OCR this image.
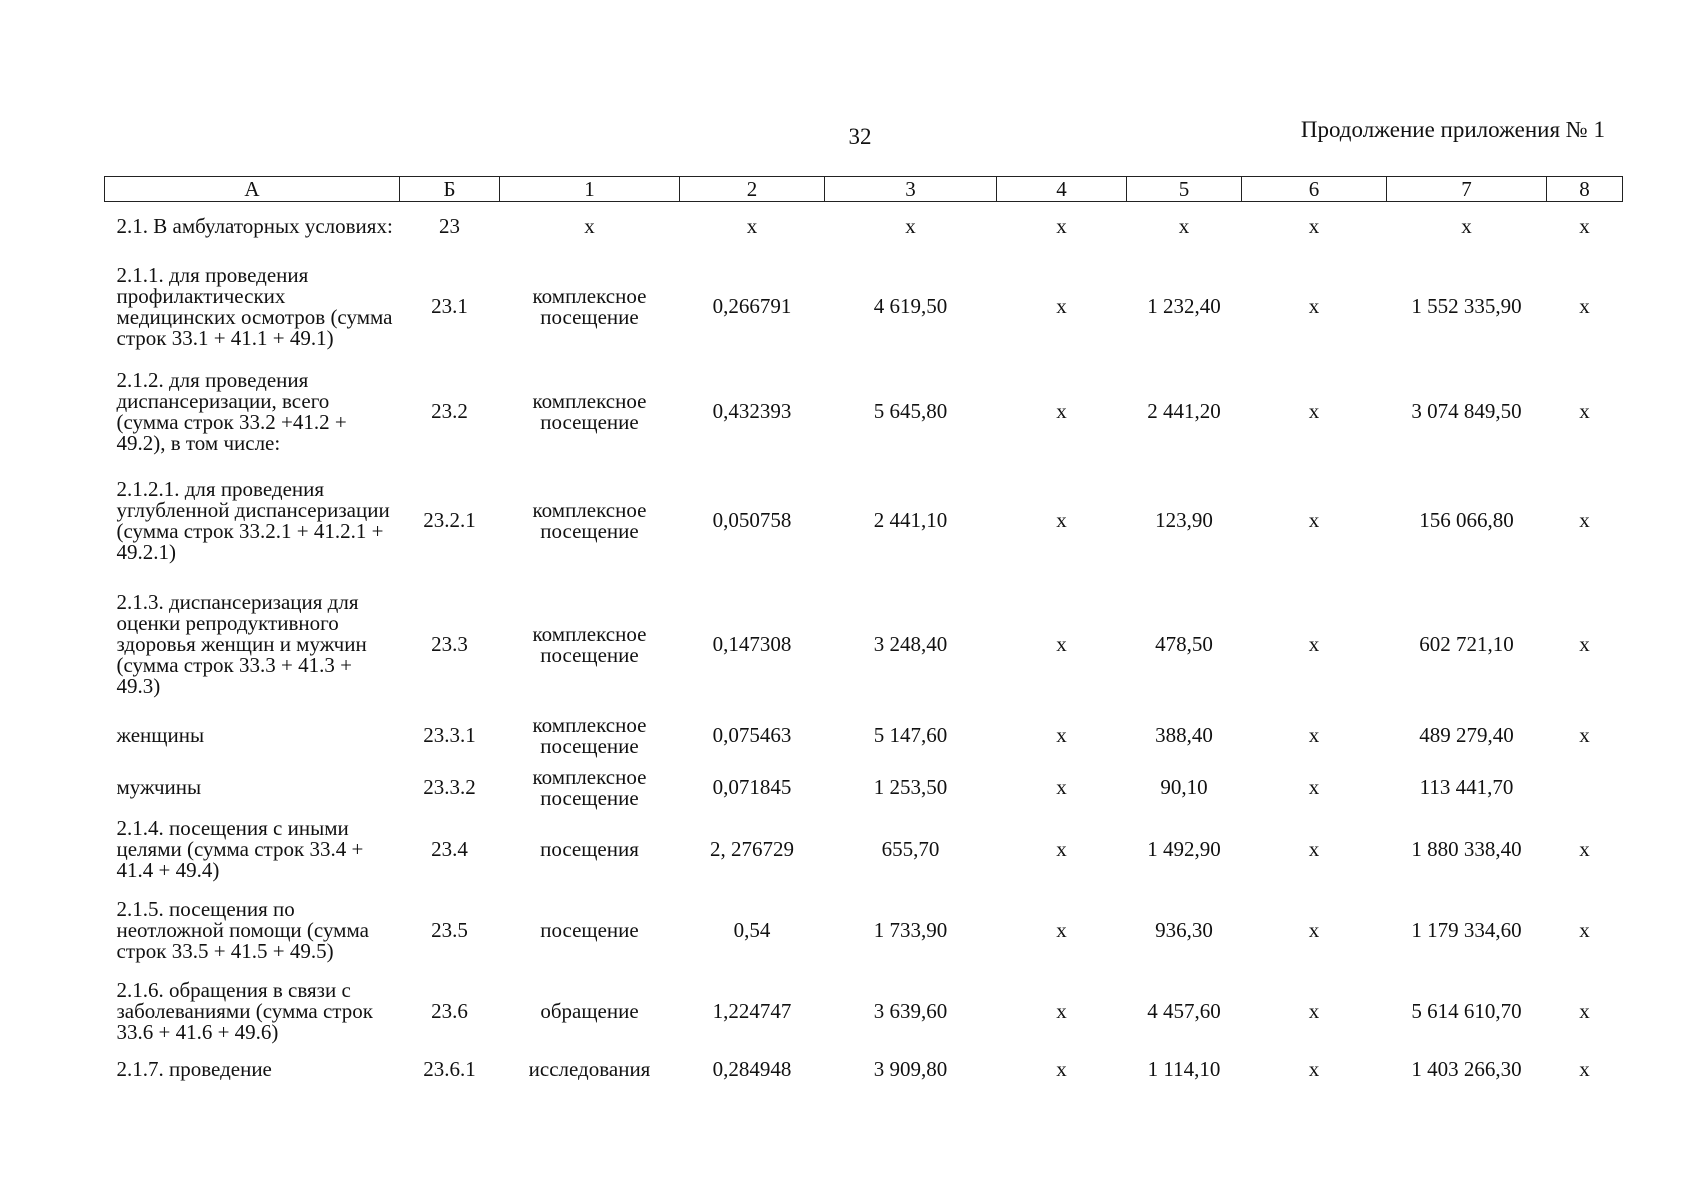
32	Продолжение приложения № 1
А	Б	1	2	3	4	5	6	7	8
2.1. В амбулаторных условиях:	23	х	х	х	х	х	х	х	х
2.1.1. для проведения профилактических медицинских осмотров (сумма строк 33.1 + 41.1 + 49.1)	23.1	комплексное посещение	0,266791	4 619,50	х	1 232,40	х	1 552 335,90	х
2.1.2. для проведения диспансеризации, всего (сумма строк 33.2 +41.2 + 49.2), в том числе:	23.2	комплексное посещение	0,432393	5 645,80	х	2 441,20	х	3 074 849,50	х
2.1.2.1. для проведения углубленной диспансеризации (сумма строк 33.2.1 + 41.2.1 + 49.2.1)	23.2.1	комплексное посещение	0,050758	2 441,10	х	123,90	х	156 066,80	х
2.1.3. диспансеризация для оценки репродуктивного здоровья женщин и мужчин (сумма строк 33.3 + 41.3 + 49.3)	23.3	комплексное посещение	0,147308	3 248,40	х	478,50	х	602 721,10	х
женщины	23.3.1	комплексное посещение	0,075463	5 147,60	х	388,40	х	489 279,40	х
мужчины	23.3.2	комплексное посещение	0,071845	1 253,50	х	90,10	х	113 441,70	
2.1.4. посещения с иными целями (сумма строк 33.4 + 41.4 + 49.4)	23.4	посещения	2, 276729	655,70	х	1 492,90	х	1 880 338,40	х
2.1.5. посещения по неотложной помощи (сумма строк 33.5 + 41.5 + 49.5)	23.5	посещение	0,54	1 733,90	х	936,30	х	1 179 334,60	х
2.1.6. обращения в связи с заболеваниями (сумма строк 33.6 + 41.6 + 49.6)	23.6	обращение	1,224747	3 639,60	х	4 457,60	х	5 614 610,70	х
2.1.7. проведение	23.6.1	исследования	0,284948	3 909,80	х	1 114,10	х	1 403 266,30	х
